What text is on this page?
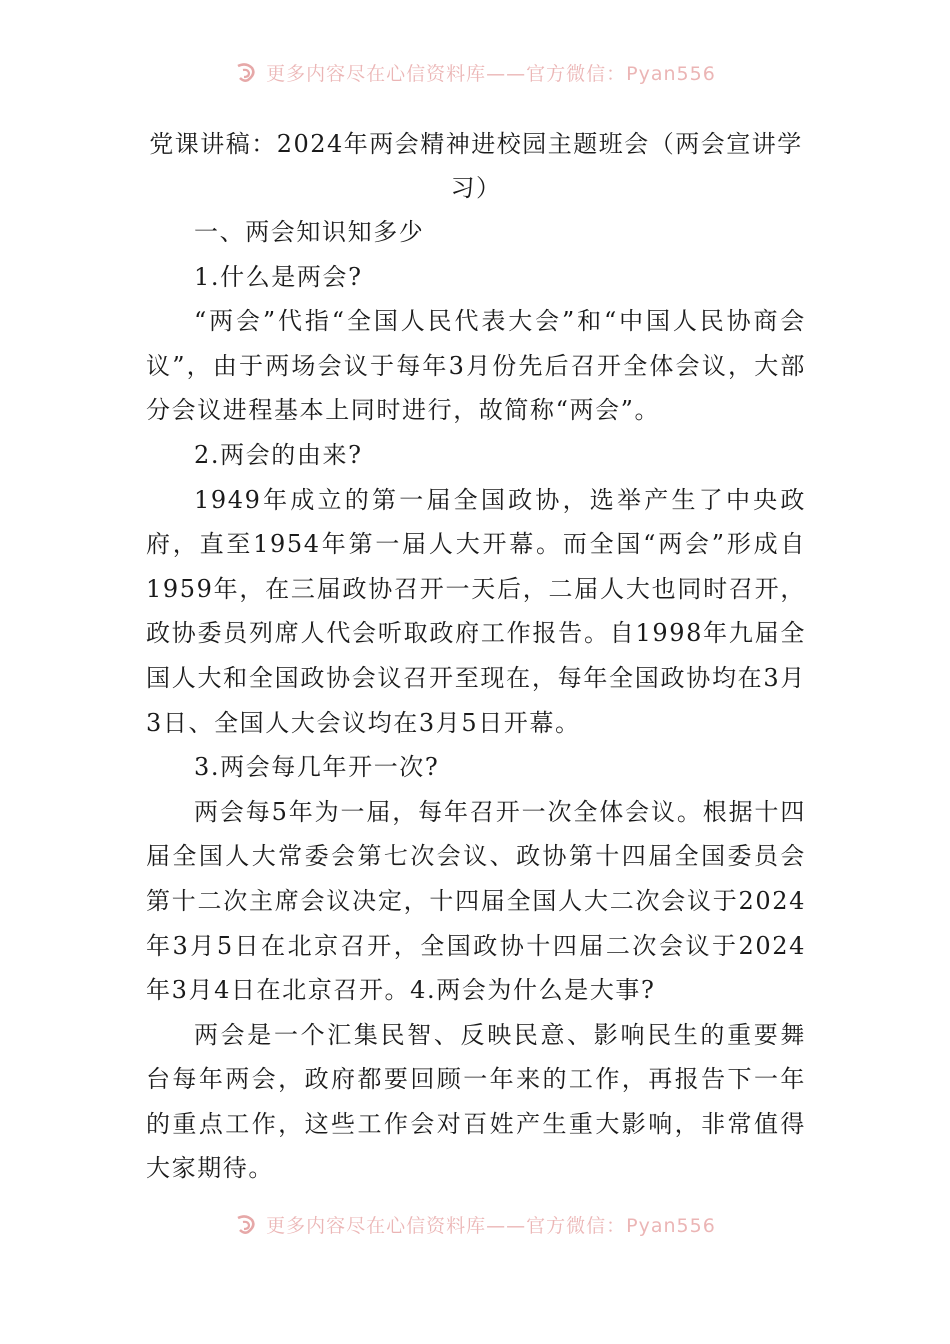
更多内容尽在心信资料库——官方微信：Pyan556
党课讲稿：2024年两会精神进校园主题班会（两会宣讲学习）

一、两会知识知多少

1.什么是两会?

“两会”代指“全国人民代表大会”和“中国人民协商会议”，由于两场会议于每年3月份先后召开全体会议，大部分会议进程基本上同时进行，故简称“两会”。

2.两会的由来?

1949年成立的第一届全国政协，选举产生了中央政府，直至1954年第一届人大开幕。而全国“两会”形成自1959年，在三届政协召开一天后，二届人大也同时召开，政协委员列席人代会听取政府工作报告。自1998年九届全国人大和全国政协会议召开至现在，每年全国政协均在3月3日、全国人大会议均在3月5日开幕。

3.两会每几年开一次?

两会每5年为一届，每年召开一次全体会议。根据十四届全国人大常委会第七次会议、政协第十四届全国委员会第十二次主席会议决定，十四届全国人大二次会议于2024年3月5日在北京召开，全国政协十四届二次会议于2024年3月4日在北京召开。4.两会为什么是大事?

两会是一个汇集民智、反映民意、影响民生的重要舞台每年两会，政府都要回顾一年来的工作，再报告下一年的重点工作，这些工作会对百姓产生重大影响，非常值得大家期待。

更多内容尽在心信资料库——官方微信：Pyan556
